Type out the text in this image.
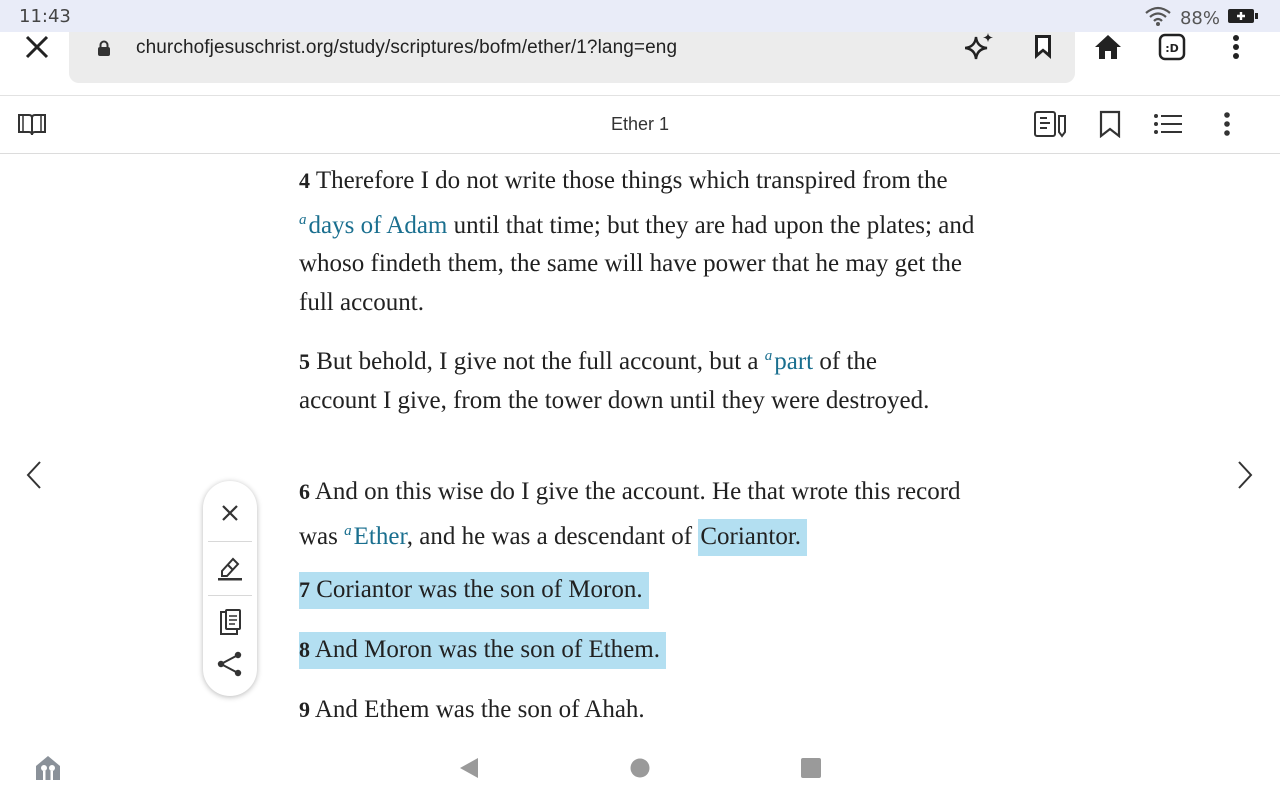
11:43	88%
churchofjesuschrist.org/study/scriptures/bofm/ether/1?lang=eng	:D
Ether 1

4 Therefore I do not write those things which transpired from the $^a$days of Adam until that time; but they are had upon the plates; and whoso findeth them, the same will have power that he may get the full account.

5 But behold, I give not the full account, but a $^a$part of the account I give, from the tower down until they were destroyed.

6 And on this wise do I give the account. He that wrote this record was $^a$Ether, and he was a descendant of Coriantor.

7 Coriantor was the son of Moron.

8 And Moron was the son of Ethem.

9 And Ethem was the son of Ahah.
